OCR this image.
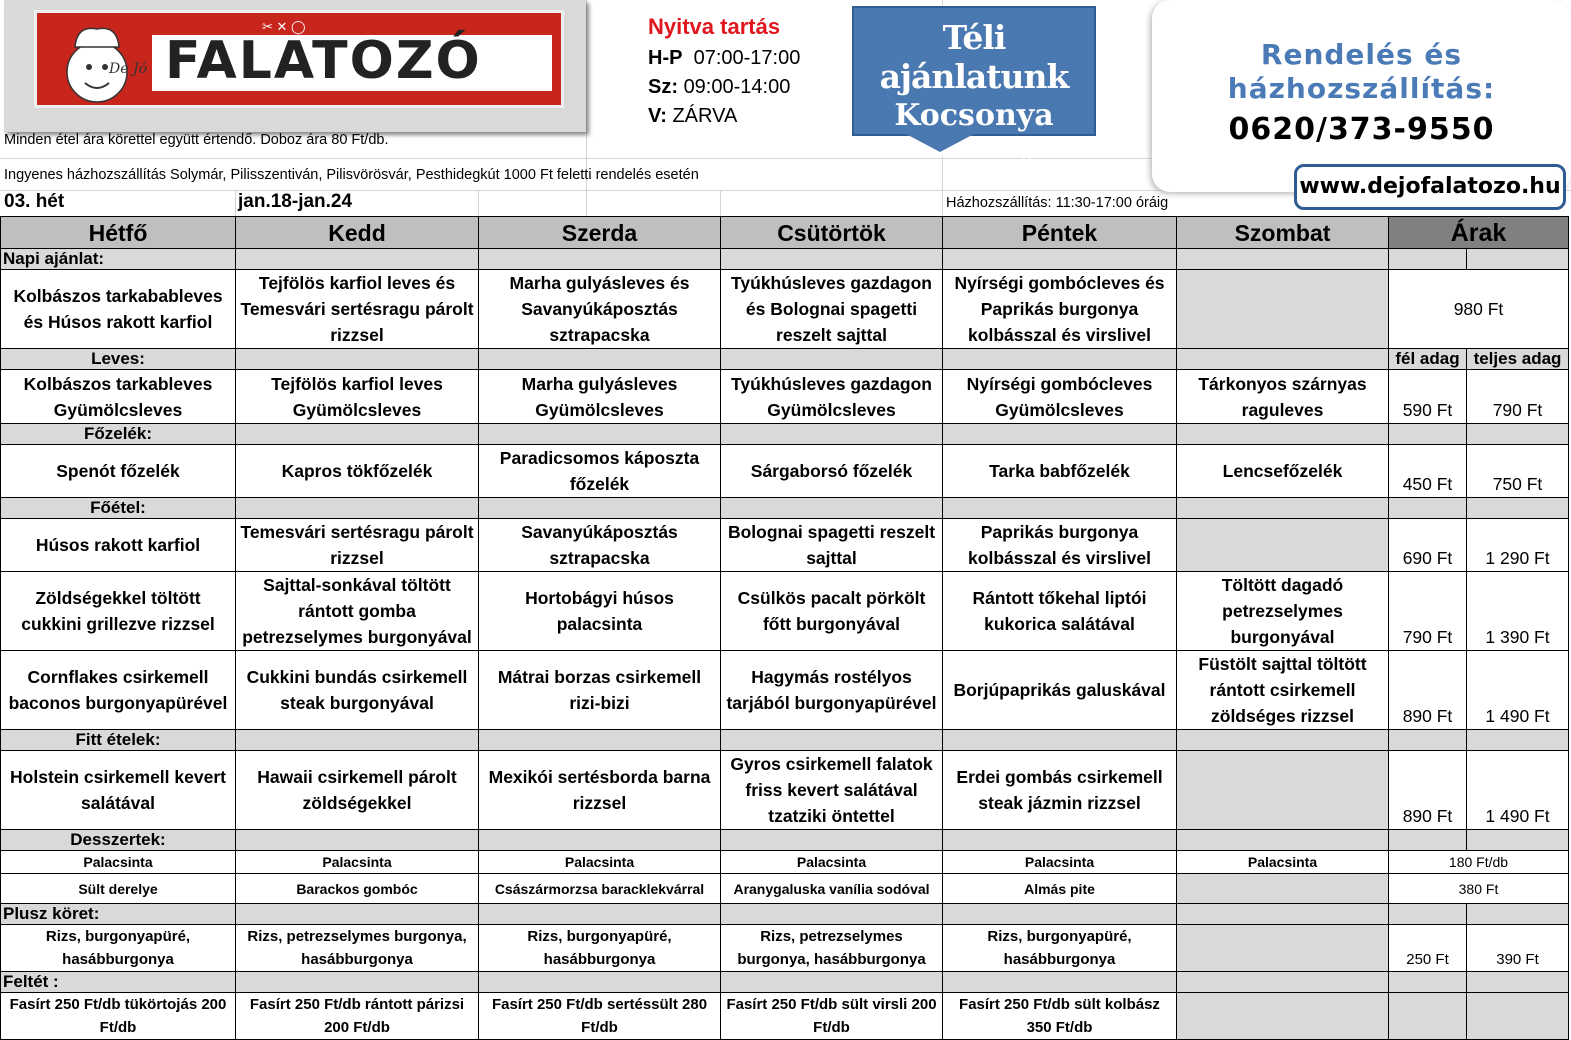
FALATOZÓ
De Jó
✂ ✕ ◯
Minden étel ára körettel együtt értendő. Doboz ára 80 Ft/db.
Ingyenes házhozszállítás Solymár, Pilisszentiván, Pilisvörösvár, Pesthidegkút 1000 Ft feletti rendelés esetén
03. hét	jan.18-jan.24	Házhozszállítás: 11:30-17:00 óráig
Nyitva tartás
H-P 07:00-17:00
Sz: 09:00-14:00
V: ZÁRVA
Téli ajánlatunk
Kocsonya
890 Ft/adag
Rendelés és
házhozszállítás:
0620/373-9550
www.dejofalatozo.hu
Hétfő	Kedd	Szerda	Csütörtök	Péntek	Szombat	Árak	
Napi ajánlat:							
Kolbászos tarkabableves és Húsos rakott karfiol	Tejfölös karfiol leves és Temesvári sertésragu párolt rizzsel	Marha gulyásleves és Savanyúkáposztás sztrapacska	Tyúkhúsleves gazdagon és Bolognai spagetti reszelt sajttal	Nyírségi gombócleves és Paprikás burgonya kolbásszal és virslivel		980 Ft	
Leves:						fél adag	teljes adag
Kolbászos tarkableves Gyümölcsleves	Tejfölös karfiol leves Gyümölcsleves	Marha gulyásleves Gyümölcsleves	Tyúkhúsleves gazdagon Gyümölcsleves	Nyírségi gombócleves Gyümölcsleves	Tárkonyos szárnyas raguleves	590 Ft	790 Ft
Főzelék:							
Spenót főzelék	Kapros tökfőzelék	Paradicsomos káposzta főzelék	Sárgaborsó főzelék	Tarka babfőzelék	Lencsefőzelék	450 Ft	750 Ft
Főétel:							
Húsos rakott karfiol	Temesvári sertésragu párolt rizzsel	Savanyúkáposztás sztrapacska	Bolognai spagetti reszelt sajttal	Paprikás burgonya kolbásszal és virslivel		690 Ft	1 290 Ft
Zöldségekkel töltött cukkini grillezve rizzsel	Sajttal-sonkával töltött rántott gomba petrezselymes burgonyával	Hortobágyi húsos palacsinta	Csülkös pacalt pörkölt főtt burgonyával	Rántott tőkehal liptói kukorica salátával	Töltött dagadó petrezselymes burgonyával	790 Ft	1 390 Ft
Cornflakes csirkemell baconos burgonyapürével	Cukkini bundás csirkemell steak burgonyával	Mátrai borzas csirkemell rizi-bizi	Hagymás rostélyos tarjából burgonyapürével	Borjúpaprikás galuskával	Füstölt sajttal töltött rántott csirkemell zöldséges rizzsel	890 Ft	1 490 Ft
Fitt ételek:							
Holstein csirkemell kevert salátával	Hawaii csirkemell párolt zöldségekkel	Mexikói sertésborda barna rizzsel	Gyros csirkemell falatok friss kevert salátával tzatziki öntettel	Erdei gombás csirkemell steak jázmin rizzsel		890 Ft	1 490 Ft
Desszertek:							
Palacsinta	Palacsinta	Palacsinta	Palacsinta	Palacsinta	Palacsinta	180 Ft/db	
Sült derelye	Barackos gombóc	Császármorzsa baracklekvárral	Aranygaluska vanília sodóval	Almás pite		380 Ft	
Plusz köret:							
Rizs, burgonyapüré, hasábburgonya	Rizs, petrezselymes burgonya, hasábburgonya	Rizs, burgonyapüré, hasábburgonya	Rizs, petrezselymes burgonya, hasábburgonya	Rizs, burgonyapüré, hasábburgonya		250 Ft	390 Ft
Feltét :							
Fasírt 250 Ft/db tükörtojás 200 Ft/db	Fasírt 250 Ft/db rántott párizsi 200 Ft/db	Fasírt 250 Ft/db sertéssült 280 Ft/db	Fasírt 250 Ft/db sült virsli 200 Ft/db	Fasírt 250 Ft/db sült kolbász 350 Ft/db			
